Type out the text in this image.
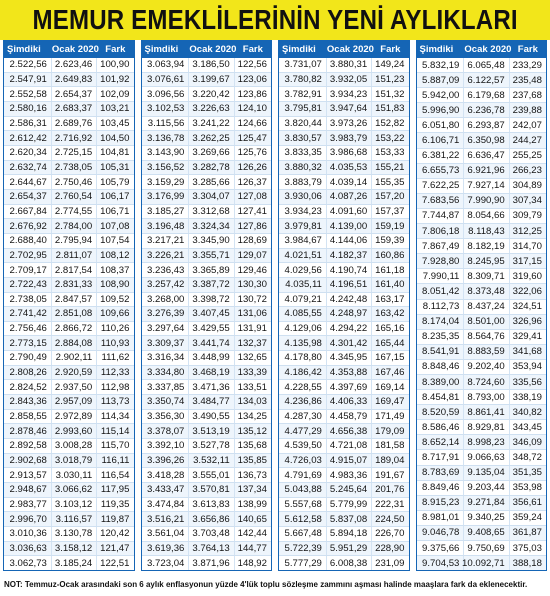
MEMUR EMEKLİLERİNİN YENİ AYLIKLARI
Şimdiki	Ocak 2020 Fark
2.522,56 2.623,46 100,90
2.547,91 2.649,83 101,92
2.552,58 2.654,37 102,09
2.580,16 2.683,37 103,21
2.586,31 2.689,76 103,45
2.612,42 2.716,92 104,50
2.620,34 2.725,15 104,81
2.632,74 2.738,05 105,31
2.644,67 2.750,46 105,79
2.654,37 2.760,54 106,17
2.667,84 2.774,55 106,71
2.676,92 2.784,00 107,08
2.688,40 2.795,94 107,54
2.702,95 2.811,07 108,12
2.709,17 2.817,54 108,37
2.722,43 2.831,33 108,90
2.738,05 2.847,57 109,52
2.741,42 2.851,08 109,66
2.756,46 2.866,72 110,26
2.773,15 2.884,08 110,93
2.790,49 2.902,11 111,62
2.808,26 2.920,59 112,33
2.824,52 2.937,50 112,98
2.843,36 2.957,09 113,73
2.858,55 2.972,89 114,34
2.878,46 2.993,60 115,14
2.892,58 3.008,28 115,70
2.902,68 3.018,79 116,11
2.913,57 3.030,11 116,54
2.948,67 3.066,62 117,95
2.983,77 3.103,12 119,35
2.996,70 3.116,57 119,87
3.010,36 3.130,78 120,42
3.036,63 3.158,12 121,47
3.062,73 3.185,24 122,51
Şimdiki	Ocak 2020 Fark
3.063,94 3.186,50 122,56
3.076,61 3.199,67 123,06
3.096,56 3.220,42 123,86
3.102,53 3.226,63 124,10
3.115,56 3.241,22 124,66
3.136,78 3.262,25 125,47
3.143,90 3.269,66 125,76
3.156,52 3.282,78 126,26
3.159,29 3.285,66 126,37
3.176,99 3.304,07 127,08
3.185,27 3.312,68 127,41
3.196,48 3.324,34 127,86
3.217,21 3.345,90 128,69
3.226,21 3.355,71 129,07
3.236,43 3.365,89 129,46
3.257,42 3.387,72 130,30
3.268,00 3.398,72 130,72
3.276,39 3.407,45 131,06
3.297,64 3.429,55 131,91
3.309,37 3.441,74 132,37
3.316,34 3.448,99 132,65
3.334,80 3.468,19 133,39
3.337,85 3.471,36 133,51
3.350,74 3.484,77 134,03
3.356,30 3.490,55 134,25
3.378,07 3.513,19 135,12
3.392,10 3.527,78 135,68
3.396,26 3.532,11 135,85
3.418,28 3.555,01 136,73
3.433,47 3.570,81 137,34
3.474,84 3.613,83 138,99
3.516,21 3.656,86 140,65
3.561,04 3.703,48 142,44
3.619,36 3.764,13 144,77
3.723,04 3.871,96 148,92
Şimdiki	Ocak 2020 Fark
3.731,07 3.880,31 149,24
3.780,82 3.932,05 151,23
3.782,91 3.934,23 151,32
3.795,81 3.947,64 151,83
3.820,44 3.973,26 152,82
3.830,57 3.983,79 153,22
3.833,35 3.986,68 153,33
3.880,32 4.035,53 155,21
3.883,79 4.039,14 155,35
3.930,06 4.087,26 157,20
3.934,23 4.091,60 157,37
3.979,81 4.139,00 159,19
3.984,67 4.144,06 159,39
4.021,51 4.182,37 160,86
4.029,56 4.190,74 161,18
4.035,11 4.196,51 161,40
4.079,21 4.242,48 163,17
4.085,55 4.248,97 163,42
4.129,06 4.294,22 165,16
4.135,98 4.301,42 165,44
4.178,80 4.345,95 167,15
4.186,42 4.353,88 167,46
4.228,55 4.397,69 169,14
4.236,86 4.406,33 169,47
4.287,30 4.458,79 171,49
4.477,29 4.656,38 179,09
4.539,50 4.721,08 181,58
4.726,03 4.915,07 189,04
4.791,69 4.983,36 191,67
5.043,88 5.245,64 201,76
5.557,68 5.779,99 222,31
5.612,58 5.837,08 224,50
5.667,48 5.894,18 226,70
5.722,39 5.951,29 228,90
5.777,29 6.008,38 231,09
Şimdiki	Ocak 2020 Fark
5.832,19 6.065,48 233,29
5.887,09 6.122,57 235,48
5.942,00 6.179,68 237,68
5.996,90 6.236,78 239,88
6.051,80 6.293,87 242,07
6.106,71 6.350,98 244,27
6.381,22 6.636,47 255,25
6.655,73 6.921,96 266,23
7.622,25 7.927,14 304,89
7.683,56 7.990,90 307,34
7.744,87 8.054,66 309,79
7.806,18 8.118,43 312,25
7.867,49 8.182,19 314,70
7.928,80 8.245,95 317,15
7.990,11 8.309,71 319,60
8.051,42 8.373,48 322,06
8.112,73 8.437,24 324,51
8.174,04 8.501,00 326,96
8.235,35 8.564,76 329,41
8.541,91 8.883,59 341,68
8.848,46 9.202,40 353,94
8.389,00 8.724,60 335,56
8.454,81 8.793,00 338,19
8.520,59 8.861,41 340,82
8.586,46 8.929,81 343,45
8.652,14 8.998,23 346,09
8.717,91 9.066,63 348,72
8.783,69 9.135,04 351,35
8.849,46 9.203,44 353,98
8.915,23 9.271,84 356,61
8.981,01 9.340,25 359,24
9.046,78 9.408,65 361,87
9.375,66 9.750,69 375,03
9.704,53 10.092,71 388,18
NOT: Temmuz-Ocak arasındaki son 6 aylık enflasyonun yüzde 4'lük toplu sözleşme zammını aşması halinde maaşlara fark da eklenecektir.
